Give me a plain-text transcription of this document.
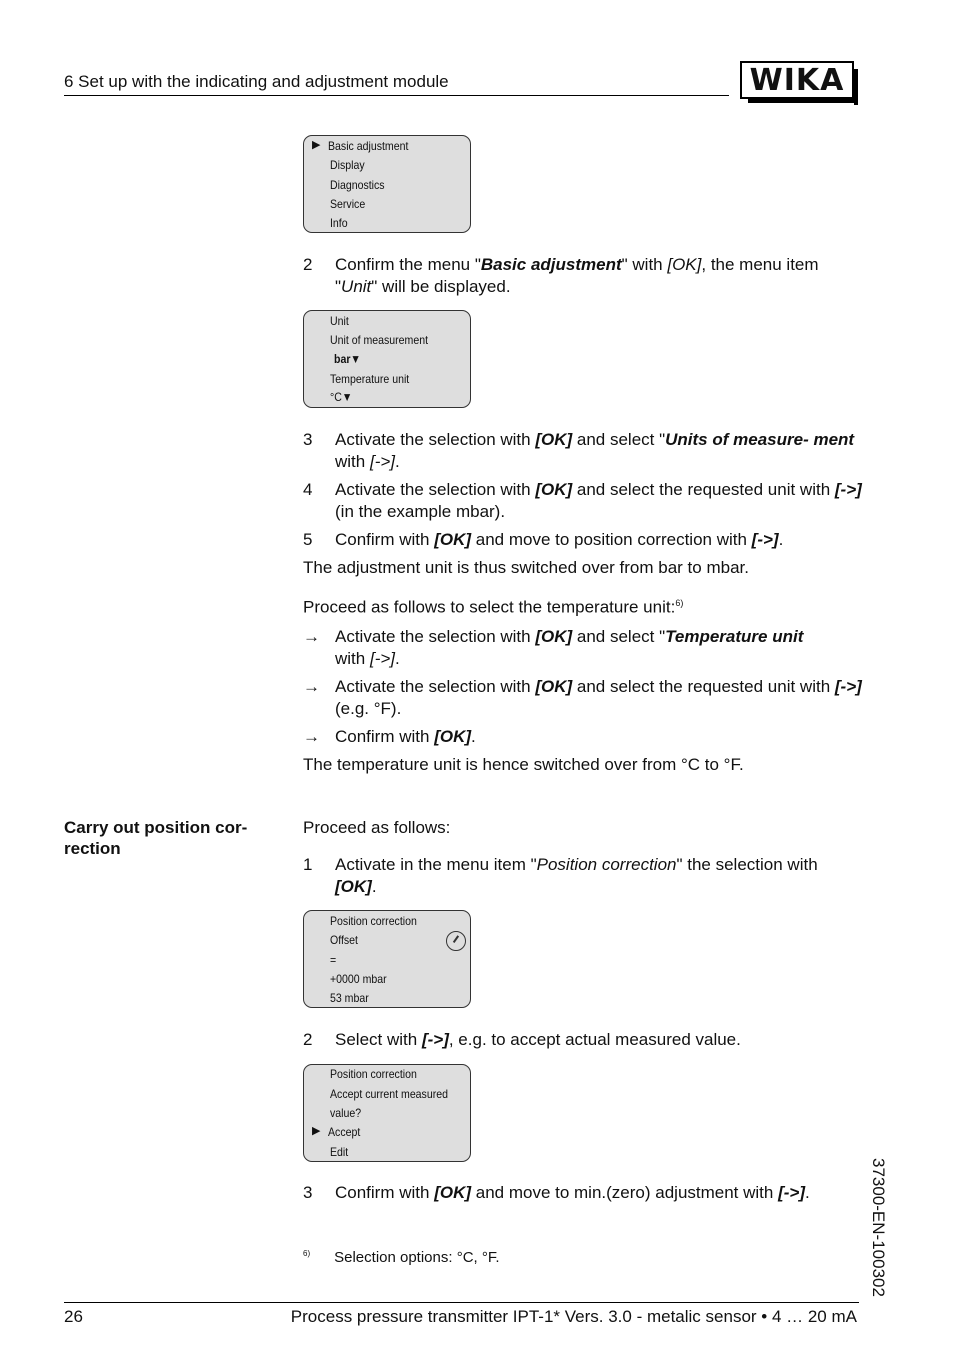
6 Set up with the indicating and adjustment module	WIKA
▶ Basic adjustment
Display
Diagnostics
Service
Info
2 Confirm the menu "Basic adjustment" with [OK], the menu item "Unit" will be displayed.
Unit
Unit of measurement
bar▼
Temperature unit
°C▼
3 Activate the selection with [OK] and select "Units of measure- ment with [->].
4 Activate the selection with [OK] and select the requested unit with [->] (in the example mbar).
5 Confirm with [OK] and move to position correction with [->].
The adjustment unit is thus switched over from bar to mbar.
Proceed as follows to select the temperature unit:$^{6)}$
→ Activate the selection with [OK] and select "Temperature unit
with [->].
→ Activate the selection with [OK] and select the requested unit with [->] (e.g. °F).
→ Confirm with [OK].
The temperature unit is hence switched over from °C to °F.
Carry out position cor- rection
Proceed as follows:
1 Activate in the menu item "Position correction" the selection with [OK].
Position correction
Offset
=
+0000 mbar
53 mbar
2 Select with [->], e.g. to accept actual measured value.
Position correction
Accept current measured
value?
▶ Accept
Edit
3 Confirm with [OK] and move to min.(zero) adjustment with [->].
$^{6)}$ Selection options: °C, °F.	37300-EN-100302
26	Process pressure transmitter IPT-1* Vers. 3.0 - metalic sensor • 4 … 20 mA
